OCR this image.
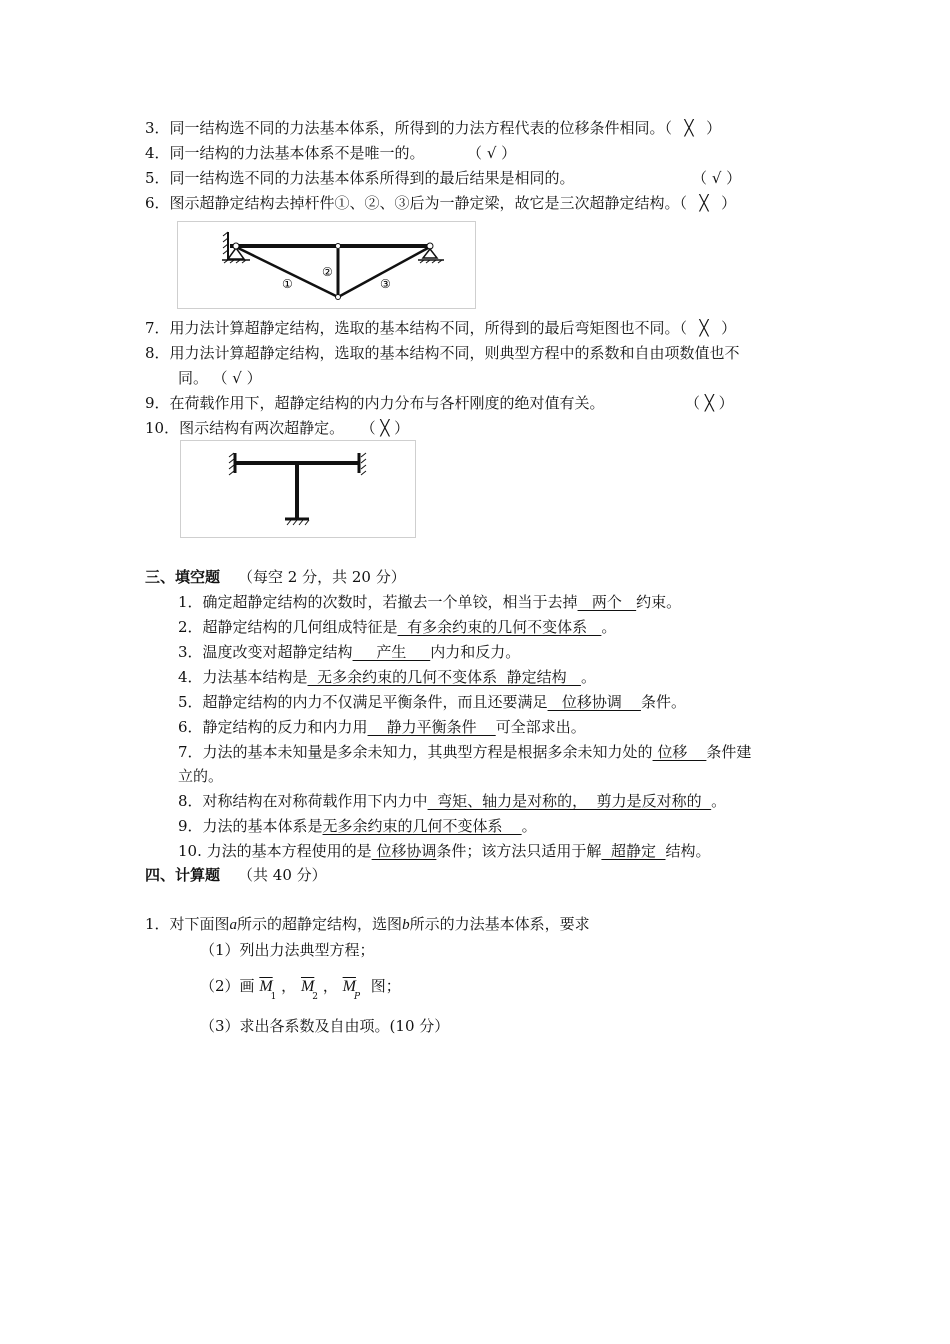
3．同一结构选不同的力法基本体系，所得到的力法方程代表的位移条件相同。（ ╳ ）
4．同一结构的力法基本体系不是唯一的。	（ √ ）
5．同一结构选不同的力法基本体系所得到的最后结果是相同的。	（ √ ）
6．图示超静定结构去掉杆件①、②、③后为一静定梁，故它是三次超静定结构。（ ╳ ）
①
②
③
7．用力法计算超静定结构，选取的基本结构不同，所得到的最后弯矩图也不同。（ ╳ ）
8．用力法计算超静定结构，选取的基本结构不同，则典型方程中的系数和自由项数值也不
同。 （ √ ）
9．在荷载作用下，超静定结构的内力分布与各杆刚度的绝对值有关。	（ ╳ ）
10．图示结构有两次超静定。 （ ╳ ）
三、填空题 （每空 2 分，共 20 分）
1．确定超静定结构的次数时，若撤去一个单铰，相当于去掉   两个   约束。
2．超静定结构的几何组成特征是  有多余约束的几何不变体系   。
3．温度改变对超静定结构     产生     内力和反力。
4．力法基本结构是  无多余约束的几何不变体系  静定结构   。
5．超静定结构的内力不仅满足平衡条件，而且还要满足   位移协调    条件。
6．静定结构的反力和内力用    静力平衡条件    可全部求出。
7．力法的基本未知量是多余未知力，其典型方程是根据多余未知力处的 位移    条件建
立的。
8．对称结构在对称荷载作用下内力中  弯矩、轴力是对称的，  剪力是反对称的  。
9．力法的基本体系是无多余约束的几何不变体系    。
10. 力法的基本方程使用的是 位移协调条件；该方法只适用于解  超静定  结构。
四、计算题 （共 40 分）
1．对下面图a所示的超静定结构，选图b所示的力法基本体系，要求
（1）列出力法典型方程；
（2）画 $\overline{M}_1$ ， $\overline{M}_2$ ， $\overline{M}_P$ 图；
（3）求出各系数及自由项。(10 分）
